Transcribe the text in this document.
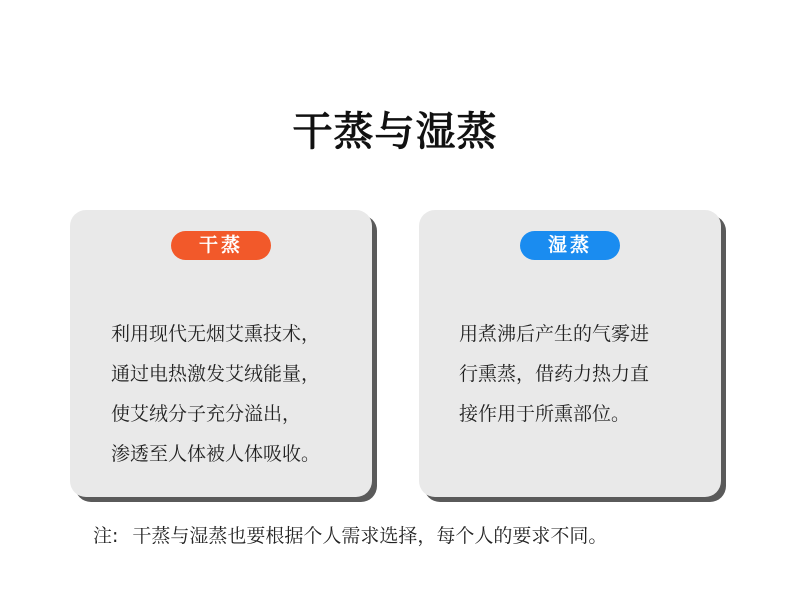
干蒸与湿蒸
干蒸
利用现代无烟艾熏技术，
通过电热激发艾绒能量，
使艾绒分子充分溢出，
渗透至人体被人体吸收。
湿蒸
用煮沸后产生的气雾进
行熏蒸，借药力热力直
接作用于所熏部位。
注: 干蒸与湿蒸也要根据个人需求选择，每个人的要求不同。
